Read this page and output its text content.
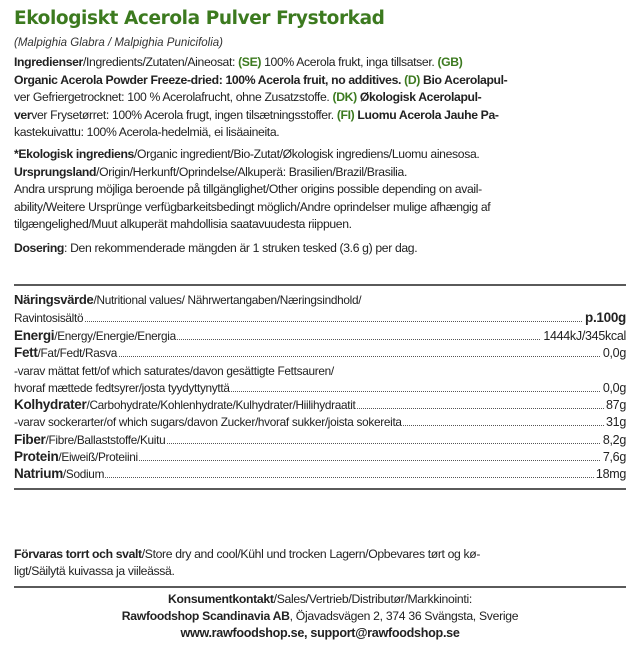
Ekologiskt Acerola Pulver Frystorkad
(Malpighia Glabra / Malpighia Punicifolia)
Ingredienser/Ingredients/Zutaten/Aineosat: (SE) 100% Acerola frukt, inga tillsatser. (GB)
Organic Acerola Powder Freeze-dried: 100% Acerola fruit, no additives. (D) Bio Acerolapul-
ver Gefriergetrocknet: 100 % Acerolafrucht, ohne Zusatzstoffe. (DK) Økologisk Acerolapul-
verver Frysetørret: 100% Acerola frugt, ingen tilsætningsstoffer. (FI) Luomu Acerola Jauhe Pa-
kastekuivattu: 100% Acerola-hedelmiä, ei lisäaineita.
*Ekologisk ingrediens/Organic ingredient/Bio-Zutat/Økologisk ingrediens/Luomu ainesosa.
Ursprungsland/Origin/Herkunft/Oprindelse/Alkuperä: Brasilien/Brazil/Brasilia.
Andra ursprung möjliga beroende på tillgänglighet/Other origins possible depending on avail-
ability/Weitere Ursprünge verfügbarkeitsbedingt möglich/Andre oprindelser mulige afhængig af
tilgængelighed/Muut alkuperät mahdollisia saatavuudesta riippuen.
Dosering: Den rekommenderade mängden är 1 struken tesked (3.6 g) per dag.
Näringsvärde/Nutritional values/ Nährwertangaben/Næringsindhold/
Ravintosisältö	p.100g
Energi/Energy/Energie/Energia	1444kJ/345kcal
Fett/Fat/Fedt/Rasva	0,0g
-varav mättat fett/of which saturates/davon gesättigte Fettsauren/
hvoraf mættede fedtsyrer/josta tyydyttynyttä	0,0g
Kolhydrater/Carbohydrate/Kohlenhydrate/Kulhydrater/Hiilihydraatit	87g
-varav sockerarter/of which sugars/davon Zucker/hvoraf sukker/joista sokereita	31g
Fiber/Fibre/Ballaststoffe/Kuitu	8,2g
Protein/Eiweiß/Proteiini	7,6g
Natrium/Sodium	18mg
Förvaras torrt och svalt/Store dry and cool/Kühl und trocken Lagern/Opbevares tørt og kø-
ligt/Säilytä kuivassa ja viileässä.
Konsumentkontakt/Sales/Vertrieb/Distributør/Markkinointi:
Rawfoodshop Scandinavia AB, Öjavadsvägen 2, 374 36 Svängsta, Sverige
www.rawfoodshop.se, support@rawfoodshop.se
